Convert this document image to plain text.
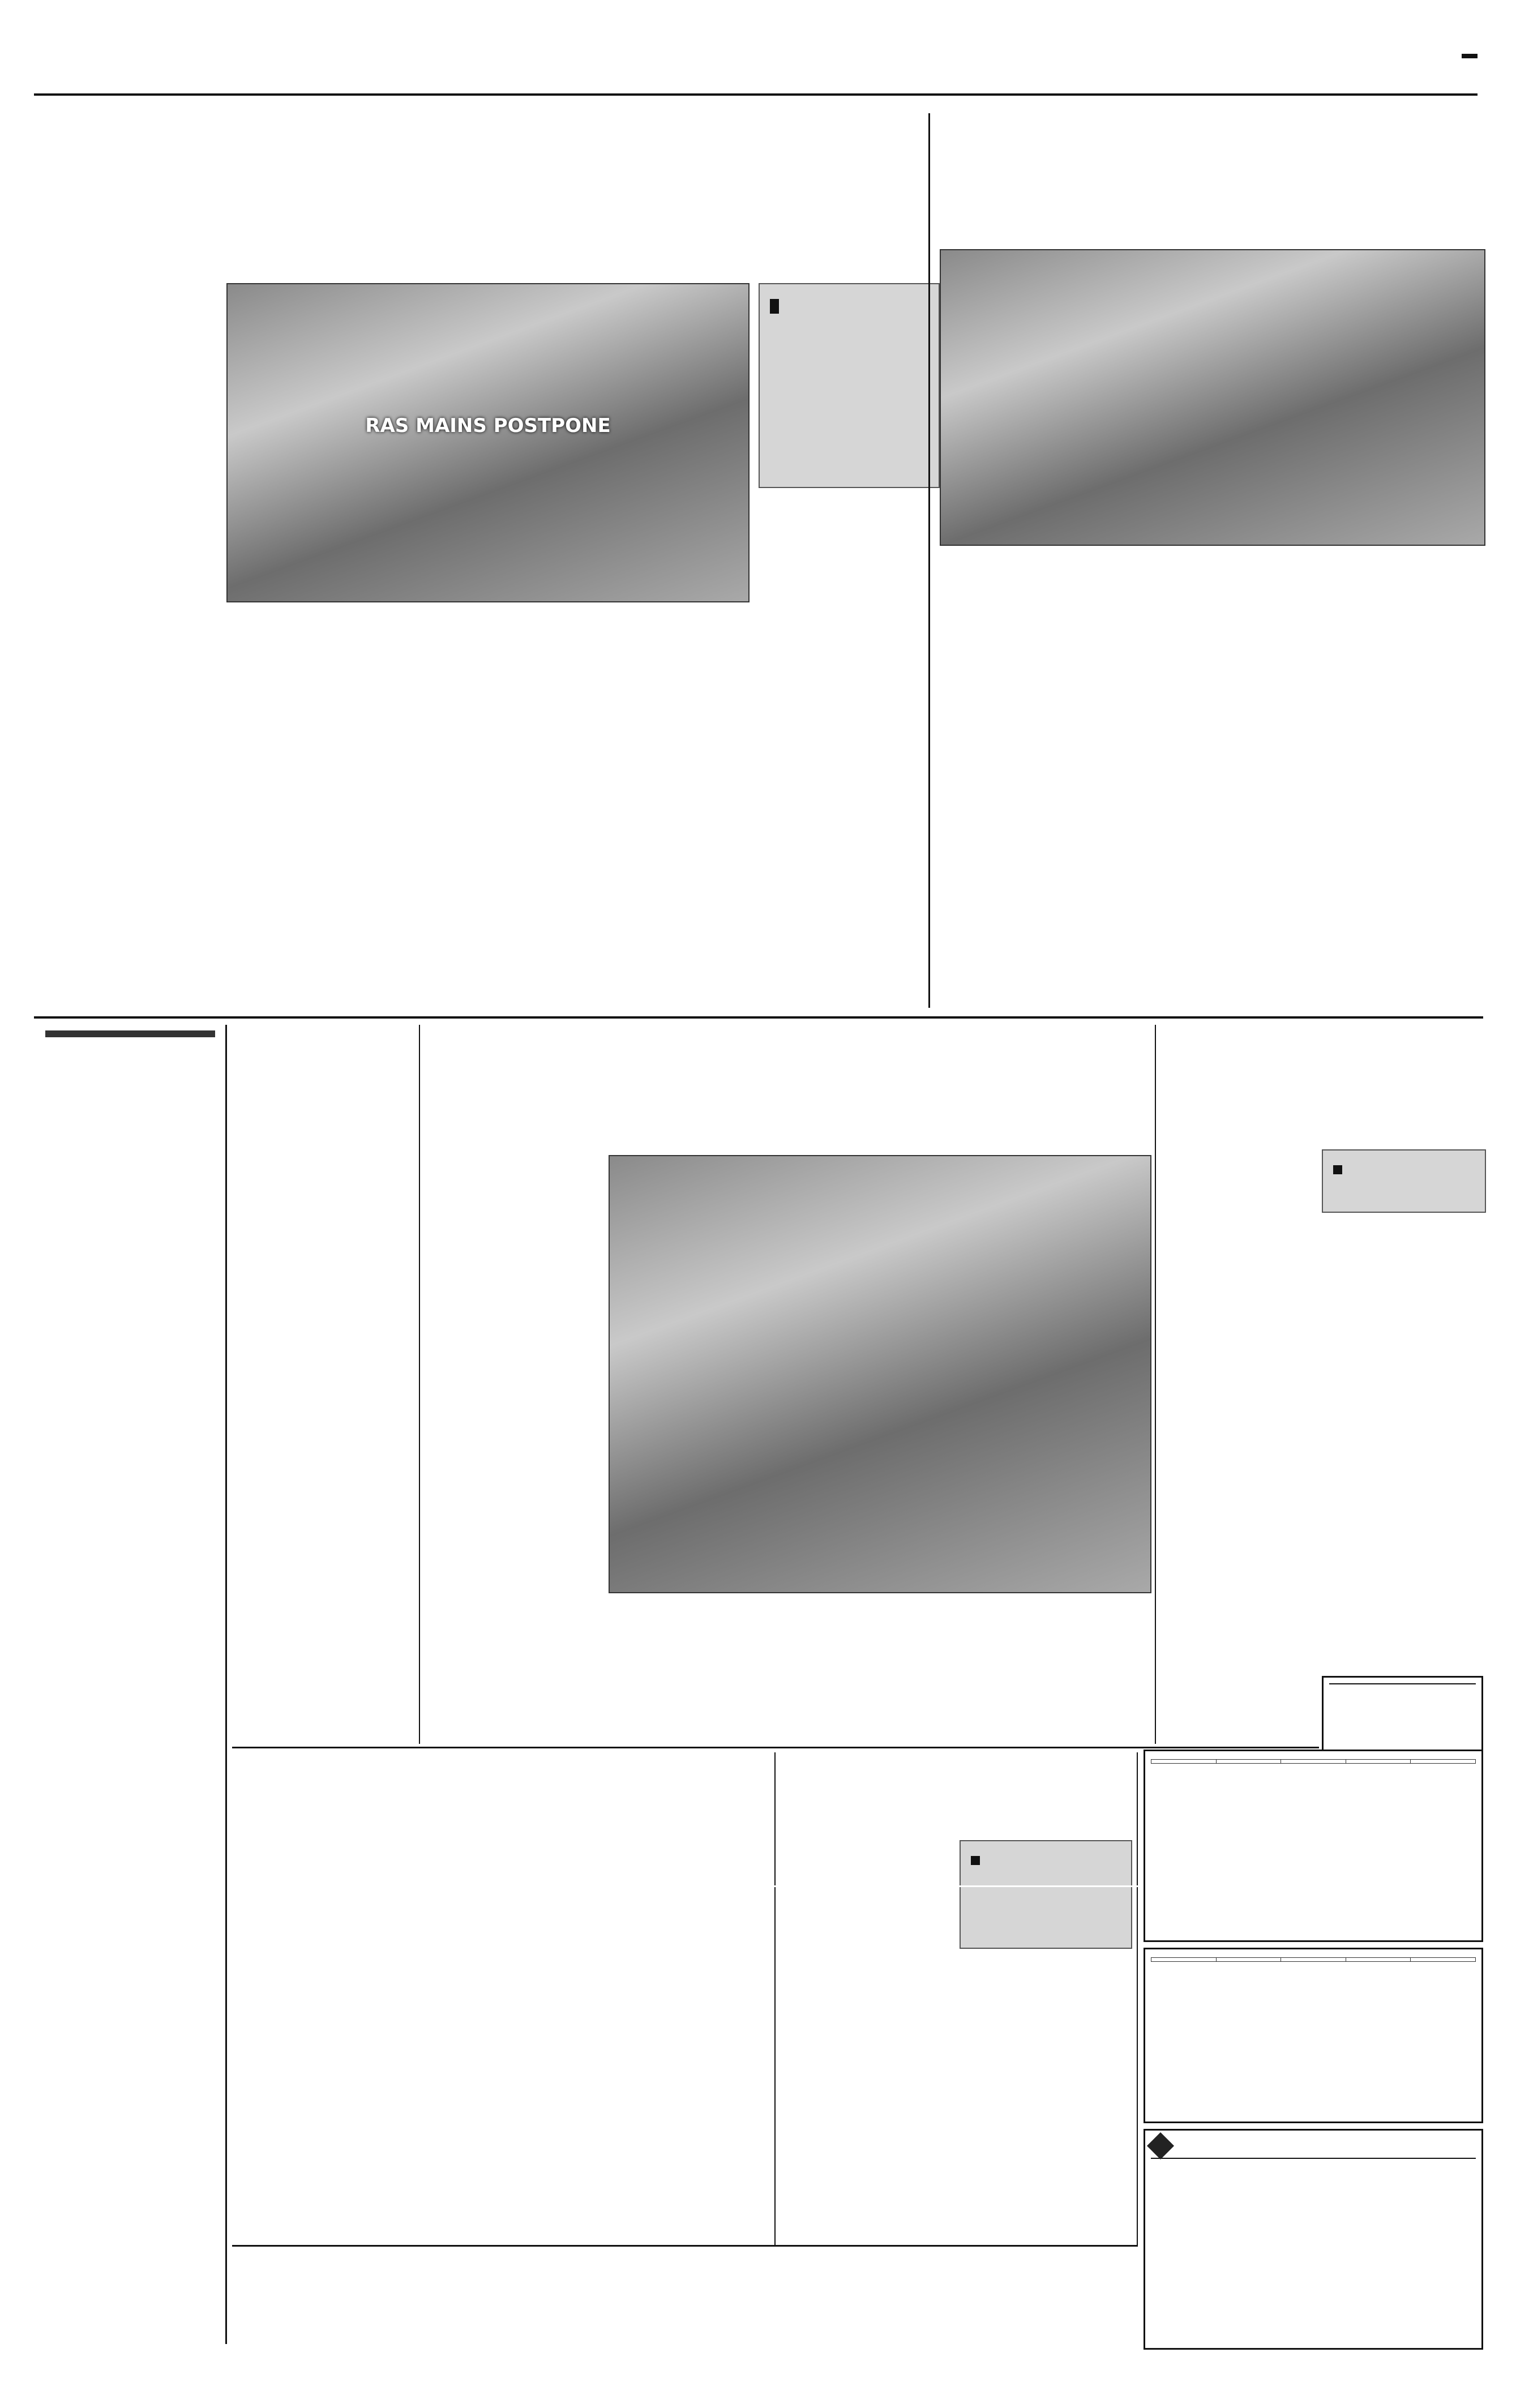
RAS MAINS POSTPONE
